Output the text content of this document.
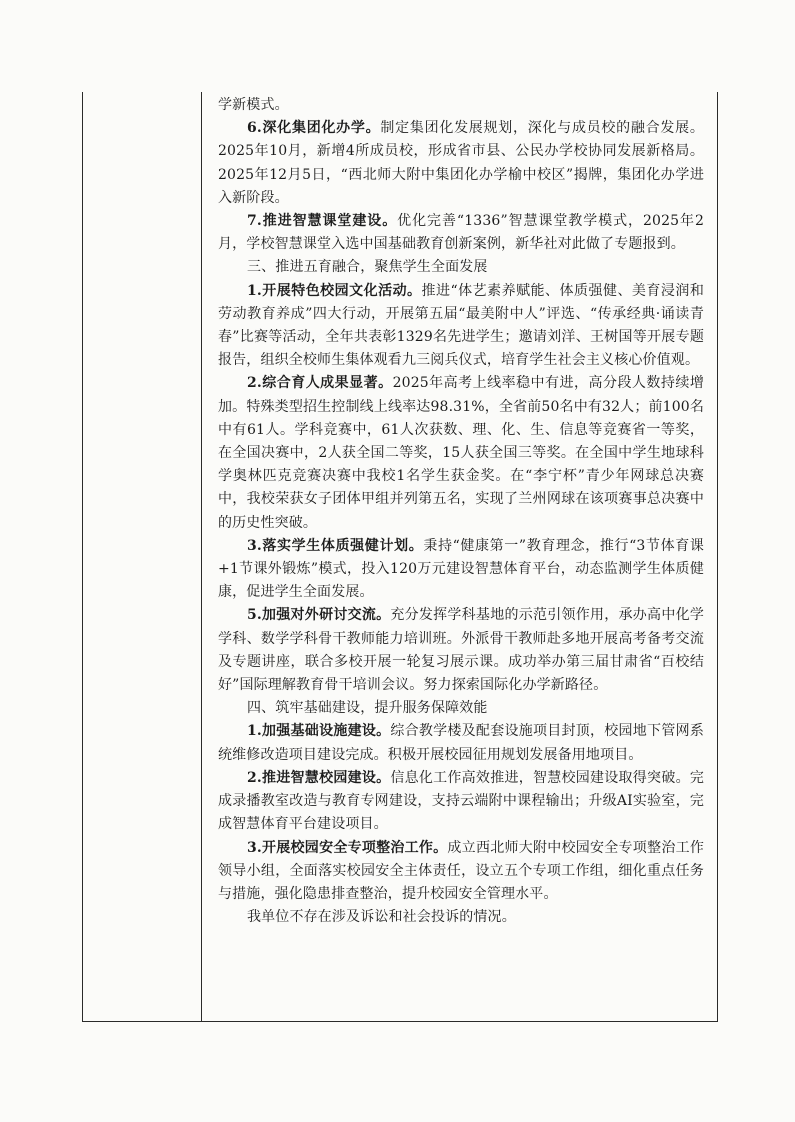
学新模式。

6.深化集团化办学。制定集团化发展规划，深化与成员校的融合发展。2025年10月，新增4所成员校，形成省市县、公民办学校协同发展新格局。2025年12月5日，“西北师大附中集团化办学榆中校区”揭牌，集团化办学进入新阶段。

7.推进智慧课堂建设。优化完善“1336”智慧课堂教学模式，2025年2月，学校智慧课堂入选中国基础教育创新案例，新华社对此做了专题报到。

三、推进五育融合，聚焦学生全面发展

1.开展特色校园文化活动。推进“体艺素养赋能、体质强健、美育浸润和劳动教育养成”四大行动，开展第五届“最美附中人”评选、“传承经典·诵读青春”比赛等活动，全年共表彰1329名先进学生；邀请刘洋、王树国等开展专题报告，组织全校师生集体观看九三阅兵仪式，培育学生社会主义核心价值观。

2.综合育人成果显著。2025年高考上线率稳中有进，高分段人数持续增加。特殊类型招生控制线上线率达98.31%，全省前50名中有32人；前100名中有61人。学科竞赛中，61人次获数、理、化、生、信息等竞赛省一等奖，在全国决赛中，2人获全国二等奖，15人获全国三等奖。在全国中学生地球科学奥林匹克竞赛决赛中我校1名学生获金奖。在“李宁杯”青少年网球总决赛中，我校荣获女子团体甲组并列第五名，实现了兰州网球在该项赛事总决赛中的历史性突破。

3.落实学生体质强健计划。秉持“健康第一”教育理念，推行“3节体育课+1节课外锻炼”模式，投入120万元建设智慧体育平台，动态监测学生体质健康，促进学生全面发展。

5.加强对外研讨交流。充分发挥学科基地的示范引领作用，承办高中化学学科、数学学科骨干教师能力培训班。外派骨干教师赴多地开展高考备考交流及专题讲座，联合多校开展一轮复习展示课。成功举办第三届甘肃省“百校结好”国际理解教育骨干培训会议。努力探索国际化办学新路径。

四、筑牢基础建设，提升服务保障效能

1.加强基础设施建设。综合教学楼及配套设施项目封顶，校园地下管网系统维修改造项目建设完成。积极开展校园征用规划发展备用地项目。

2.推进智慧校园建设。信息化工作高效推进，智慧校园建设取得突破。完成录播教室改造与教育专网建设，支持云端附中课程输出；升级AI实验室，完成智慧体育平台建设项目。

3.开展校园安全专项整治工作。成立西北师大附中校园安全专项整治工作领导小组，全面落实校园安全主体责任，设立五个专项工作组，细化重点任务与措施，强化隐患排查整治，提升校园安全管理水平。

我单位不存在涉及诉讼和社会投诉的情况。
